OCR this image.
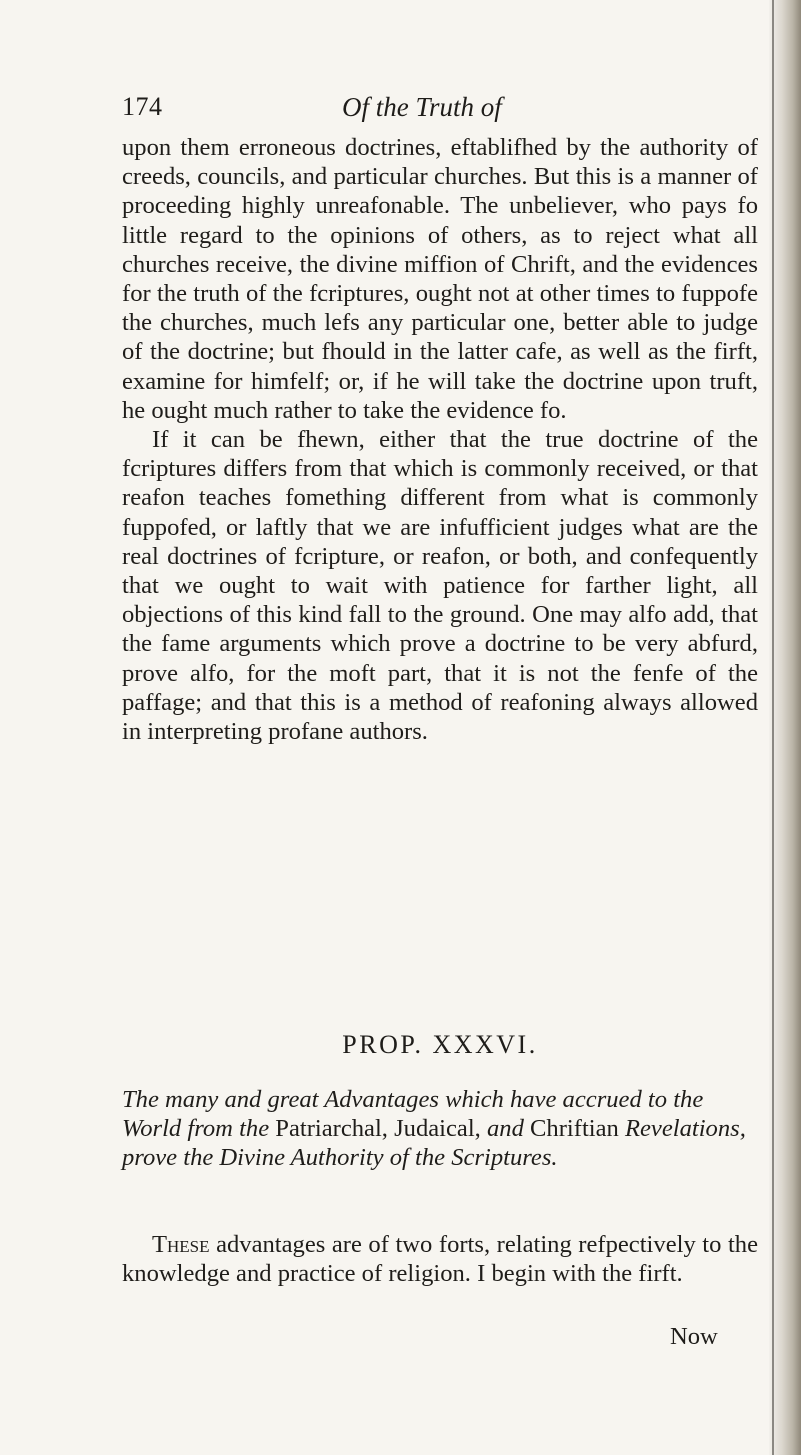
174	Of the Truth of

upon them erroneous doctrines, eftablifhed by the authority of creeds, councils, and particular churches. But this is a manner of proceeding highly unreafonable. The unbeliever, who pays fo little regard to the opinions of others, as to reject what all churches receive, the divine miffion of Chrift, and the evidences for the truth of the fcriptures, ought not at other times to fuppofe the churches, much lefs any particular one, better able to judge of the doctrine; but fhould in the latter cafe, as well as the firft, examine for himfelf; or, if he will take the doctrine upon truft, he ought much rather to take the evidence fo.

If it can be fhewn, either that the true doctrine of the fcriptures differs from that which is commonly received, or that reafon teaches fomething different from what is commonly fuppofed, or laftly that we are infufficient judges what are the real doctrines of fcripture, or reafon, or both, and confequently that we ought to wait with patience for farther light, all objections of this kind fall to the ground. One may alfo add, that the fame arguments which prove a doctrine to be very abfurd, prove alfo, for the moft part, that it is not the fenfe of the paffage; and that this is a method of reafoning always allowed in interpreting profane authors.

PROP. XXXVI.
The many and great Advantages which have accrued to the World from the Patriarchal, Judaical, and Chriftian Revelations, prove the Divine Authority of the Scriptures.
These advantages are of two forts, relating refpectively to the knowledge and practice of religion. I begin with the firft.
Now
